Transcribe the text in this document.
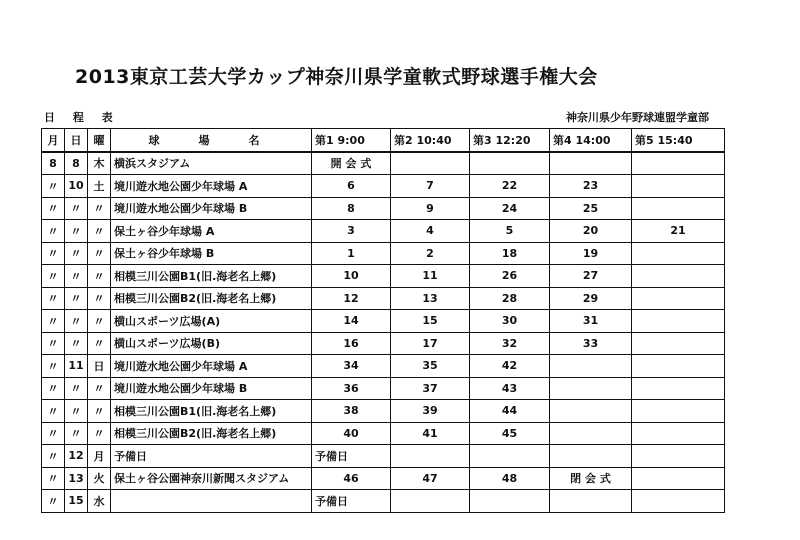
2013東京工芸大学カップ神奈川県学童軟式野球選手権大会
日 程 表	神奈川県少年野球連盟学童部
月	日	曜	球　場　名	第1 9:00	第2 10:40	第3 12:20	第4 14:00	第5 15:40
8	8	木	横浜スタジアム	開 会 式				
〃	10	土	境川遊水地公園少年球場 A	6	7	22	23	
〃	〃	〃	境川遊水地公園少年球場 B	8	9	24	25	
〃	〃	〃	保土ヶ谷少年球場 A	3	4	5	20	21
〃	〃	〃	保土ヶ谷少年球場 B	1	2	18	19	
〃	〃	〃	相模三川公園B1(旧.海老名上郷)	10	11	26	27	
〃	〃	〃	相模三川公園B2(旧.海老名上郷)	12	13	28	29	
〃	〃	〃	横山スポーツ広場(A)	14	15	30	31	
〃	〃	〃	横山スポーツ広場(B)	16	17	32	33	
〃	11	日	境川遊水地公園少年球場 A	34	35	42		
〃	〃	〃	境川遊水地公園少年球場 B	36	37	43		
〃	〃	〃	相模三川公園B1(旧.海老名上郷)	38	39	44		
〃	〃	〃	相模三川公園B2(旧.海老名上郷)	40	41	45		
〃	12	月	予備日	予備日				
〃	13	火	保土ヶ谷公園神奈川新聞スタジアム	46	47	48	閉 会 式	
〃	15	水		予備日				
